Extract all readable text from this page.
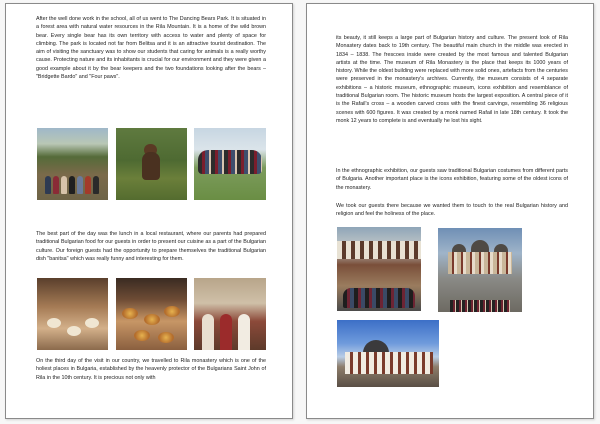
After the well done work in the school, all of us went to The Dancing Bears Park. It is situated in a forest area with natural water resources in the Rila Mountain. It is a home of the wild brown bear. Every single bear has its own territory with access to water and plenty of space for climbing. The park is located not far from Belitsa and it is an attractive tourist destination. The aim of visiting the sanctuary was to show our students that caring for animals is a really worthy cause. Protecting nature and its inhabitants is crucial for our environment and they were given a good example about it by the bear keepers and the two foundations looking after the bears – "Bridgette Bardo" and "Four paws".

The best part of the day was the lunch in a local restaurant, where our parents had prepared traditional Bulgarian food for our guests in order to present our cuisine as a part of the Bulgarian culture. Our foreign guests had the opportunity to prepare themselves the traditional Bulgarian dish "banitsa" which was really funny and interesting for them.

On the third day of the visit in our country, we travelled to Rila monastery which is one of the holiest places in Bulgaria, established by the heavenly protector of the Bulgarians Saint John of Rila in the 10th century. It is precious not only with

its beauty, it still keeps a large part of Bulgarian history and culture. The present look of Rila Monastery dates back to 19th century. The beautiful main church in the middle was erected in 1834 – 1838. The frescoes inside were created by the most famous and talented Bulgarian artists at the time. The museum of Rila Monastery is the place that keeps its 1000 years of history. While the oldest building were replaced with more solid ones, artefacts from the centuries were preserved in the monastery's archives. Currently, the museum consists of 4 separate exhibitions – a historic museum, ethnographic museum, icons exhibition and resemblance of traditional Bulgarian room. The historic museum hosts the largest exposition. A central piece of it is the Rafail's cross – a wooden carved cross with the finest carvings, resembling 36 religious scenes with 600 figures. It was created by a monk named Rafail in late 18th century. It took the monk 12 years to complete is and eventually he lost his sight.

In the ethnographic exhibition, our guests saw traditional Bulgarian costumes from different parts of Bulgaria. Another important place is the icons exhibition, featuring some of the oldest icons of the monastery.

We took our guests there because we wanted them to touch to the real Bulgarian history and religion and feel the holiness of the place.
